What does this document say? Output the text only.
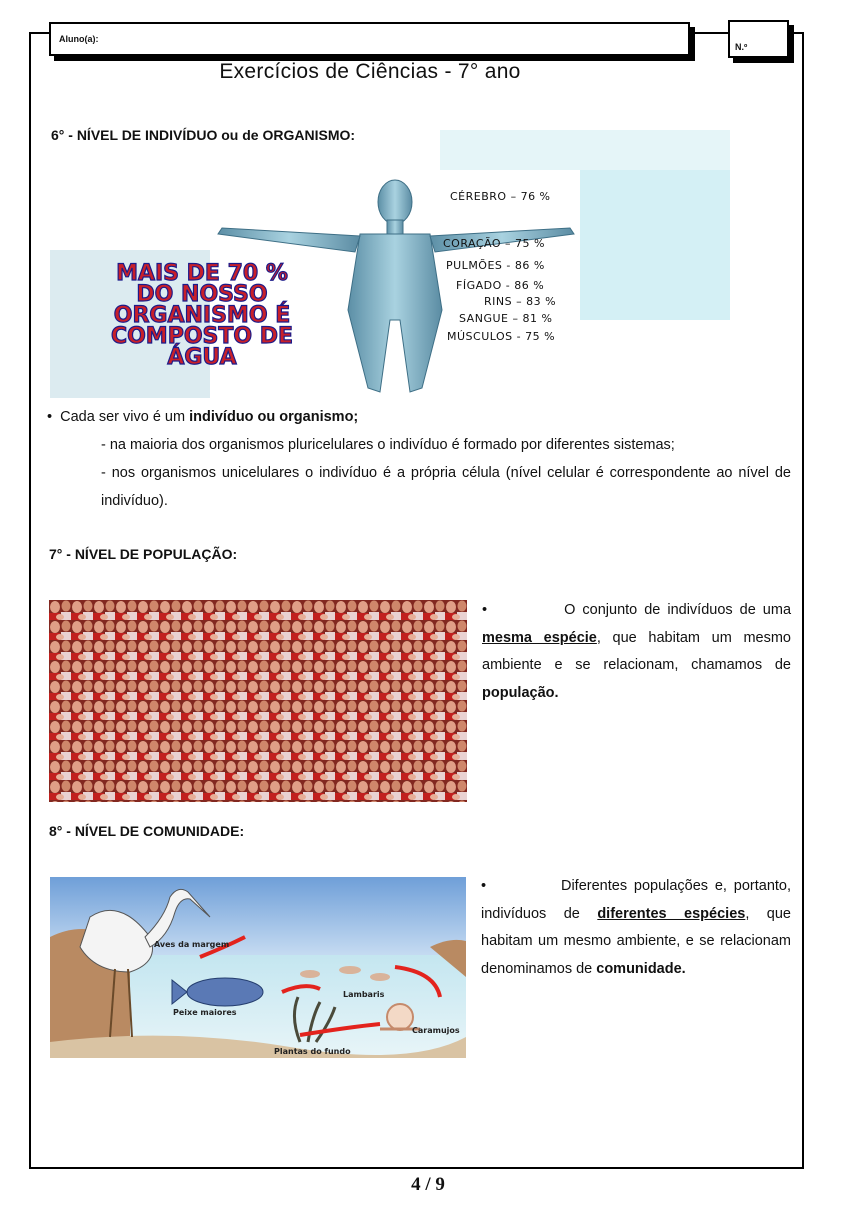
Aluno(a):
N.º
Exercícios de Ciências - 7° ano
6° - NÍVEL DE INDIVÍDUO ou de ORGANISMO:
MAIS DE 70 %
DO NOSSO
ORGANISMO É
COMPOSTO DE
ÁGUA
CÉREBRO – 76 %
CORAÇÃO – 75 %
PULMÕES - 86 %
FÍGADO - 86 %
RINS – 83 %
SANGUE – 81 %
MÚSCULOS - 75 %
•  Cada ser vivo é um indivíduo ou organismo;
- na maioria dos organismos pluricelulares o indivíduo é formado por diferentes sistemas;
- nos organismos unicelulares o indivíduo é a própria célula (nível celular é correspondente ao nível de indivíduo).
7° - NÍVEL DE POPULAÇÃO:
•           O conjunto de indivíduos de uma mesma espécie, que habitam um mesmo ambiente e se relacionam, chamamos de população.
8° - NÍVEL DE COMUNIDADE:
Aves da margem
Peixe maiores
Lambaris
Caramujos
Plantas do fundo
•           Diferentes populações e, portanto, indivíduos de diferentes espécies, que habitam um mesmo ambiente, e se relacionam denominamos de comunidade.
4 / 9
